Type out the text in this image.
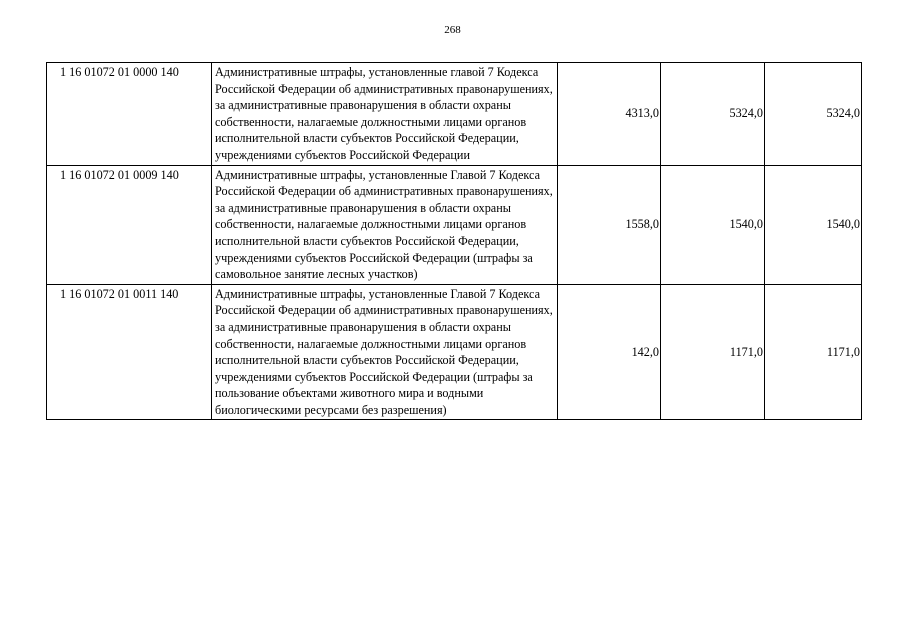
268
1 16 01072 01 0000 140	Административные штрафы, установленные главой 7 Кодекса Российской Федерации об административных правонарушениях, за административные правонарушения в области охраны собственности, налагаемые должностными лицами органов исполнительной власти субъектов Российской Федерации, учреждениями субъектов Российской Федерации	4313,0	5324,0	5324,0
1 16 01072 01 0009 140	Административные штрафы, установленные Главой 7 Кодекса Российской Федерации об административных правонарушениях, за административные правонарушения в области охраны собственности, налагаемые должностными лицами органов исполнительной власти субъектов Российской Федерации, учреждениями субъектов Российской Федерации (штрафы за самовольное занятие лесных участков)	1558,0	1540,0	1540,0
1 16 01072 01 0011 140	Административные штрафы, установленные Главой 7 Кодекса Российской Федерации об административных правонарушениях, за административные правонарушения в области охраны собственности, налагаемые должностными лицами органов исполнительной власти субъектов Российской Федерации, учреждениями субъектов Российской Федерации (штрафы за пользование объектами животного мира и водными биологическими ресурсами без разрешения)	142,0	1171,0	1171,0
